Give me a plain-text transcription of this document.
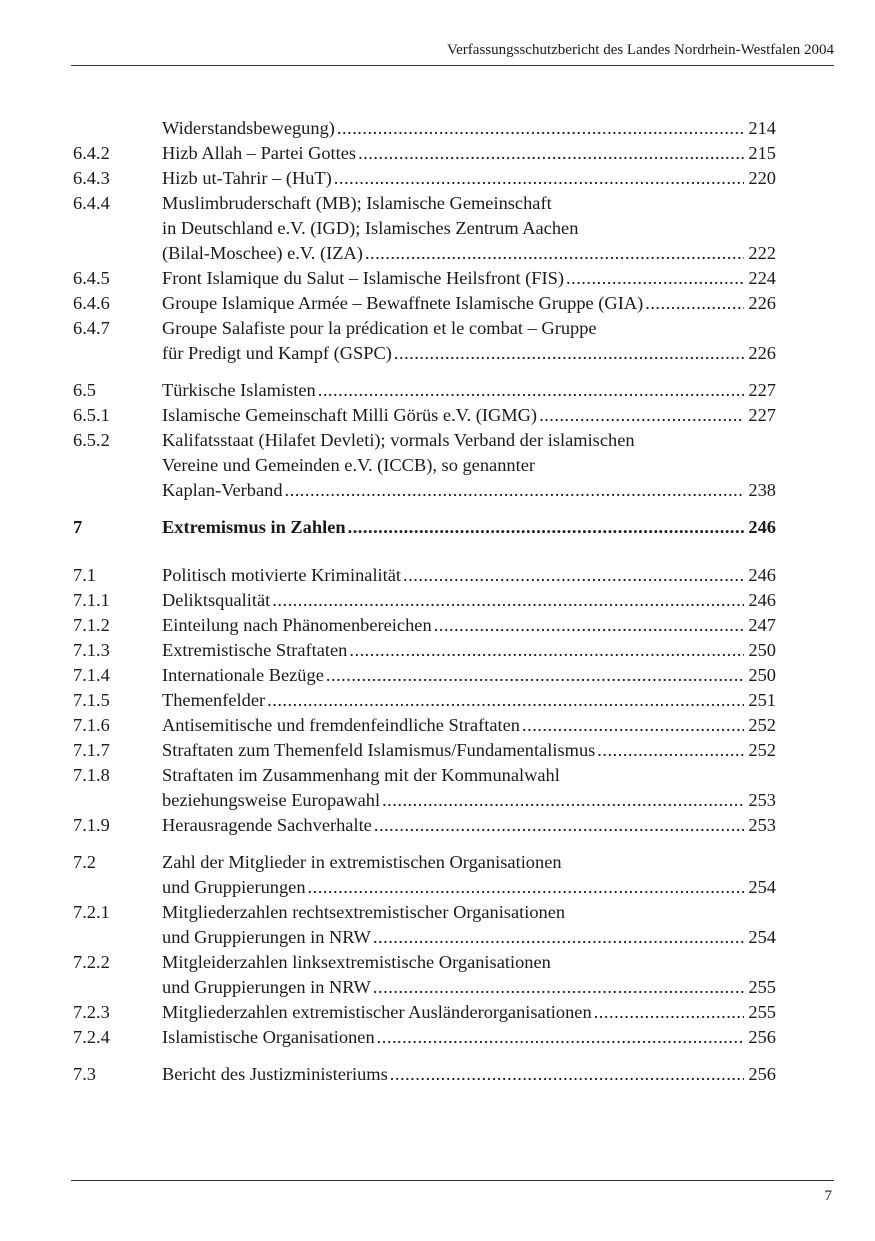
Verfassungsschutzbericht des Landes Nordrhein-Westfalen 2004
Widerstandsbewegung) .....	214
6.4.2	Hizb Allah – Partei Gottes .....	215
6.4.3	Hizb ut-Tahrir – (HuT) .....	220
6.4.4	Muslimbruderschaft (MB); Islamische Gemeinschaft
in Deutschland e.V. (IGD); Islamisches Zentrum Aachen
(Bilal-Moschee) e.V. (IZA) .....	222
6.4.5	Front Islamique du Salut – Islamische Heilsfront (FIS) .....	224
6.4.6	Groupe Islamique Armée – Bewaffnete Islamische Gruppe (GIA) .....	226
6.4.7	Groupe Salafiste pour la prédication et le combat – Gruppe
für Predigt und Kampf (GSPC) .....	226
6.5	Türkische Islamisten .....	227
6.5.1	Islamische Gemeinschaft Milli Görüs e.V. (IGMG) .....	227
6.5.2	Kalifatsstaat (Hilafet Devleti); vormals Verband der islamischen
Vereine und Gemeinden e.V. (ICCB), so genannter
Kaplan-Verband .....	238
7	Extremismus in Zahlen .....	246
7.1	Politisch motivierte Kriminalität .....	246
7.1.1	Deliktsqualität .....	246
7.1.2	Einteilung nach Phänomenbereichen .....	247
7.1.3	Extremistische Straftaten .....	250
7.1.4	Internationale Bezüge .....	250
7.1.5	Themenfelder .....	251
7.1.6	Antisemitische und fremdenfeindliche Straftaten .....	252
7.1.7	Straftaten zum Themenfeld Islamismus/Fundamentalismus .....	252
7.1.8	Straftaten im Zusammenhang mit der Kommunalwahl
beziehungsweise Europawahl .....	253
7.1.9	Herausragende Sachverhalte .....	253
7.2	Zahl der Mitglieder in extremistischen Organisationen
und Gruppierungen .....	254
7.2.1	Mitgliederzahlen rechtsextremistischer Organisationen
und Gruppierungen in NRW .....	254
7.2.2	Mitgleiderzahlen linksextremistische Organisationen
und Gruppierungen in NRW .....	255
7.2.3	Mitgliederzahlen extremistischer Ausländerorganisationen .....	255
7.2.4	Islamistische Organisationen .....	256
7.3	Bericht des Justizministeriums .....	256
7
